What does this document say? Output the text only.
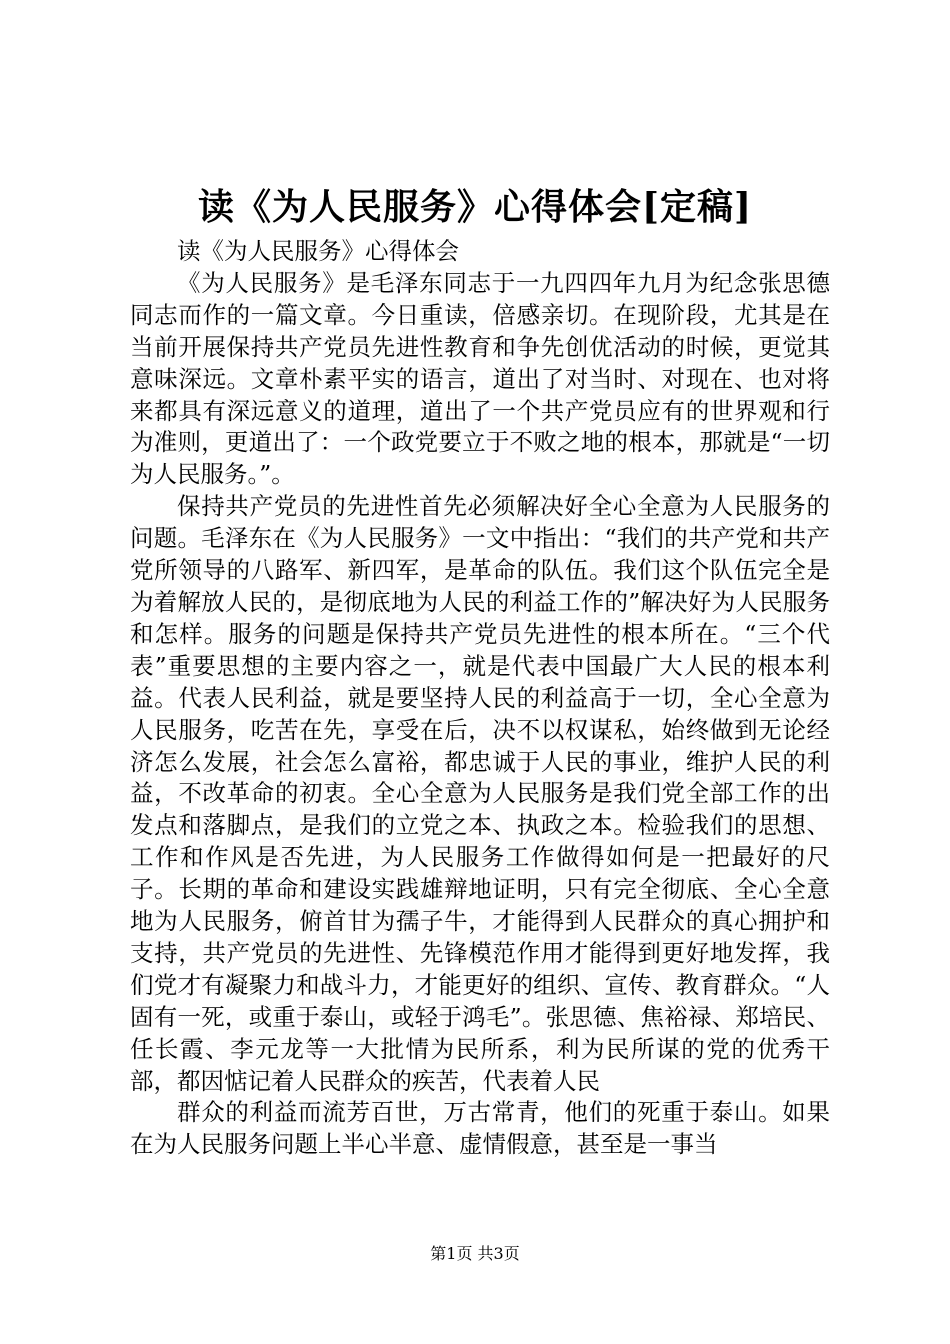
读《为人民服务》心得体会[定稿]

读《为人民服务》心得体会

《为人民服务》是毛泽东同志于一九四四年九月为纪念张思德同志而作的一篇文章。今日重读，倍感亲切。在现阶段，尤其是在当前开展保持共产党员先进性教育和争先创优活动的时候，更觉其意味深远。文章朴素平实的语言，道出了对当时、对现在、也对将来都具有深远意义的道理，道出了一个共产党员应有的世界观和行为准则，更道出了：一个政党要立于不败之地的根本，那就是“一切为人民服务。”。

保持共产党员的先进性首先必须解决好全心全意为人民服务的问题。毛泽东在《为人民服务》一文中指出：“我们的共产党和共产党所领导的八路军、新四军，是革命的队伍。我们这个队伍完全是为着解放人民的，是彻底地为人民的利益工作的”解决好为人民服务和怎样。服务的问题是保持共产党员先进性的根本所在。“三个代表”重要思想的主要内容之一，就是代表中国最广大人民的根本利益。代表人民利益，就是要坚持人民的利益高于一切，全心全意为人民服务，吃苦在先，享受在后，决不以权谋私，始终做到无论经济怎么发展，社会怎么富裕，都忠诚于人民的事业，维护人民的利益，不改革命的初衷。全心全意为人民服务是我们党全部工作的出发点和落脚点，是我们的立党之本、执政之本。检验我们的思想、工作和作风是否先进，为人民服务工作做得如何是一把最好的尺子。长期的革命和建设实践雄辩地证明，只有完全彻底、全心全意地为人民服务，俯首甘为孺子牛，才能得到人民群众的真心拥护和支持，共产党员的先进性、先锋模范作用才能得到更好地发挥，我们党才有凝聚力和战斗力，才能更好的组织、宣传、教育群众。“人固有一死，或重于泰山，或轻于鸿毛”。张思德、焦裕禄、郑培民、任长霞、李元龙等一大批情为民所系，利为民所谋的党的优秀干部，都因惦记着人民群众的疾苦，代表着人民

群众的利益而流芳百世，万古常青，他们的死重于泰山。如果在为人民服务问题上半心半意、虚情假意，甚至是一事当

第1页 共3页
